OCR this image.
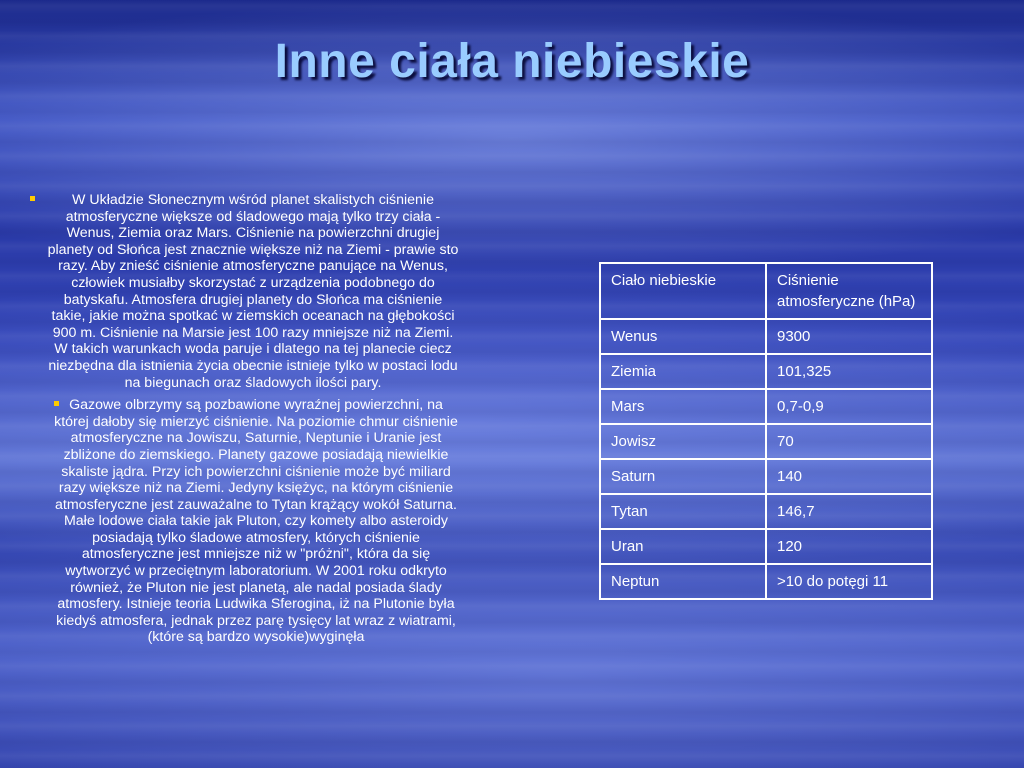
Inne ciała niebieskie
W Układzie Słonecznym wśród planet skalistych ciśnienie atmosferyczne większe od śladowego mają tylko trzy ciała - Wenus, Ziemia oraz Mars. Ciśnienie na powierzchni drugiej planety od Słońca jest znacznie większe niż na Ziemi - prawie sto razy. Aby znieść ciśnienie atmosferyczne panujące na Wenus, człowiek musiałby skorzystać z urządzenia podobnego do batyskafu. Atmosfera drugiej planety do Słońca ma ciśnienie takie, jakie można spotkać w ziemskich oceanach na głębokości 900 m. Ciśnienie na Marsie jest 100 razy mniejsze niż na Ziemi. W takich warunkach woda paruje i dlatego na tej planecie ciecz niezbędna dla istnienia życia obecnie istnieje tylko w postaci lodu na biegunach oraz śladowych ilości pary.
Gazowe olbrzymy są pozbawione wyraźnej powierzchni, na której dałoby się mierzyć ciśnienie. Na poziomie chmur ciśnienie atmosferyczne na Jowiszu, Saturnie, Neptunie i Uranie jest zbliżone do ziemskiego. Planety gazowe posiadają niewielkie skaliste jądra. Przy ich powierzchni ciśnienie może być miliard razy większe niż na Ziemi. Jedyny księżyc, na którym ciśnienie atmosferyczne jest zauważalne to Tytan krążący wokół Saturna. Małe lodowe ciała takie jak Pluton, czy komety albo asteroidy posiadają tylko śladowe atmosfery, których ciśnienie atmosferyczne jest mniejsze niż w "próżni", która da się wytworzyć w przeciętnym laboratorium. W 2001 roku odkryto również, że Pluton nie jest planetą, ale nadal posiada ślady atmosfery. Istnieje teoria Ludwika Sferogina, iż na Plutonie była kiedyś atmosfera, jednak przez parę tysięcy lat wraz z wiatrami, (które są bardzo wysokie)wyginęła
Ciało niebieskie	Ciśnienie atmosferyczne (hPa)
Wenus	9300
Ziemia	101,325
Mars	0,7-0,9
Jowisz	70
Saturn	140
Tytan	146,7
Uran	120
Neptun	>10 do potęgi 11
